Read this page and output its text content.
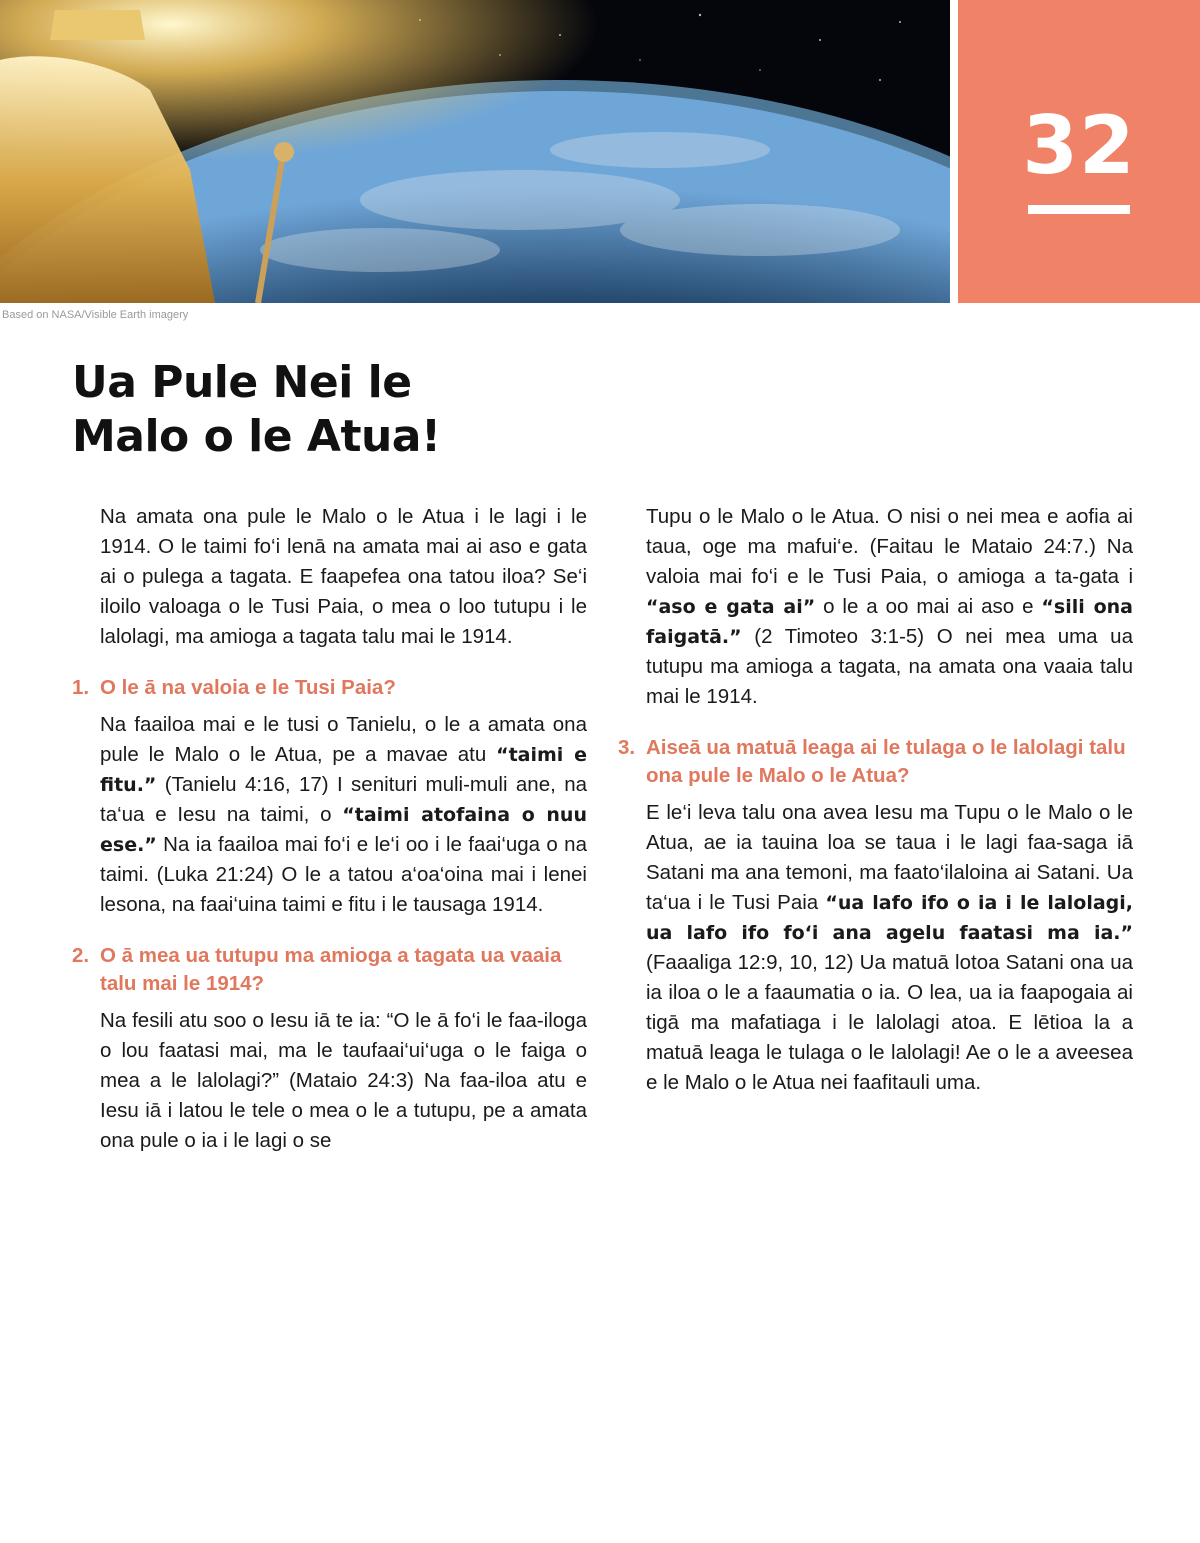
32
Based on NASA/Visible Earth imagery
Ua Pule Nei le
Malo o le Atua!

Na amata ona pule le Malo o le Atua i le lagi i le 1914. O le taimi fo‘i lenā na amata mai ai aso e gata ai o pulega a tagata. E faapefea ona tatou iloa? Se‘i iloilo valoaga o le Tusi Paia, o mea o loo tutupu i le lalolagi, ma amioga a tagata talu mai le 1914.

1. O le ā na valoia e le Tusi Paia?

Na faailoa mai e le tusi o Tanielu, o le a amata ona pule le Malo o le Atua, pe a mavae atu “taimi e fitu.” (Tanielu 4:16, 17) I senituri muli-muli ane, na ta‘ua e Iesu na taimi, o “taimi atofaina o nuu ese.” Na ia faailoa mai fo‘i e le‘i oo i le faai‘uga o na taimi. (Luka 21:24) O le a tatou a‘oa‘oina mai i lenei lesona, na faai‘uina taimi e fitu i le tausaga 1914.

2. O ā mea ua tutupu ma amioga a tagata ua vaaia talu mai le 1914?

Na fesili atu soo o Iesu iā te ia: “O le ā fo‘i le faa-iloga o lou faatasi mai, ma le taufaai‘ui‘uga o le faiga o mea a le lalolagi?” (Mataio 24:3) Na faa-iloa atu e Iesu iā i latou le tele o mea o le a tutupu, pe a amata ona pule o ia i le lagi o se

Tupu o le Malo o le Atua. O nisi o nei mea e aofia ai taua, oge ma mafui‘e. (Faitau le Mataio 24:7.) Na valoia mai fo‘i e le Tusi Paia, o amioga a ta-gata i “aso e gata ai” o le a oo mai ai aso e “sili ona faigatā.” (2 Timoteo 3:1-5) O nei mea uma ua tutupu ma amioga a tagata, na amata ona vaaia talu mai le 1914.

3. Aiseā ua matuā leaga ai le tulaga o le lalolagi talu ona pule le Malo o le Atua?

E le‘i leva talu ona avea Iesu ma Tupu o le Malo o le Atua, ae ia tauina loa se taua i le lagi faa-saga iā Satani ma ana temoni, ma faato‘ilaloina ai Satani. Ua ta‘ua i le Tusi Paia “ua lafo ifo o ia i le lalolagi, ua lafo ifo fo‘i ana agelu faatasi ma ia.” (Faaaliga 12:9, 10, 12) Ua matuā lotoa Satani ona ua ia iloa o le a faaumatia o ia. O lea, ua ia faapogaia ai tigā ma mafatiaga i le lalolagi atoa. E lētioa la a matuā leaga le tulaga o le lalolagi! Ae o le a aveesea e le Malo o le Atua nei faafitauli uma.
